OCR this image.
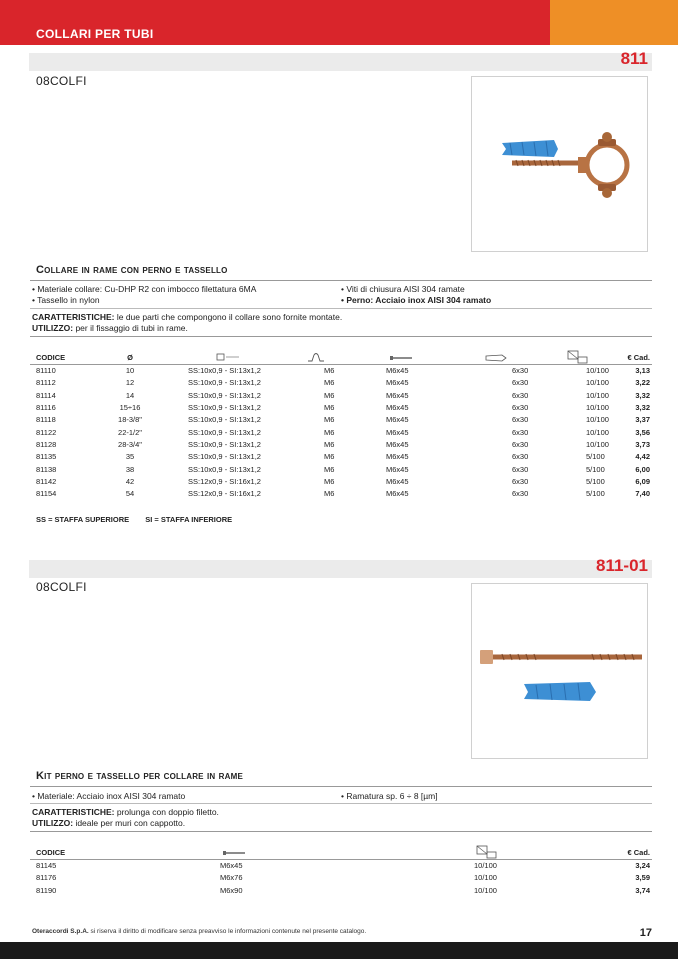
COLLARI PER TUBI
811
08COLFI
Collare in rame con perno e tassello
• Materiale collare: Cu-DHP R2 con imbocco filettatura 6MA
• Tassello in nylon
• Viti di chiusura AISI 304 ramate
• Perno: Acciaio inox AISI 304 ramato
CARATTERISTICHE: le due parti che compongono il collare sono fornite montate.
UTILIZZO: per il fissaggio di tubi in rame.
CODICE	Ø						€ Cad.
81110	10	SS:10x0,9 - SI:13x1,2	M6	M6x45	6x30	10/100	3,13
81112	12	SS:10x0,9 - SI:13x1,2	M6	M6x45	6x30	10/100	3,22
81114	14	SS:10x0,9 - SI:13x1,2	M6	M6x45	6x30	10/100	3,32
81116	15÷16	SS:10x0,9 - SI:13x1,2	M6	M6x45	6x30	10/100	3,32
81118	18-3/8"	SS:10x0,9 - SI:13x1,2	M6	M6x45	6x30	10/100	3,37
81122	22-1/2"	SS:10x0,9 - SI:13x1,2	M6	M6x45	6x30	10/100	3,56
81128	28-3/4"	SS:10x0,9 - SI:13x1,2	M6	M6x45	6x30	10/100	3,73
81135	35	SS:10x0,9 - SI:13x1,2	M6	M6x45	6x30	5/100	4,42
81138	38	SS:10x0,9 - SI:13x1,2	M6	M6x45	6x30	5/100	6,00
81142	42	SS:12x0,9 - SI:16x1,2	M6	M6x45	6x30	5/100	6,09
81154	54	SS:12x0,9 - SI:16x1,2	M6	M6x45	6x30	5/100	7,40
SS = STAFFA SUPERIORE SI = STAFFA INFERIORE
811-01
08COLFI
Kit perno e tassello per collare in rame
• Materiale: Acciaio inox AISI 304 ramato	• Ramatura sp. 6 ÷ 8 [µm]
CARATTERISTICHE: prolunga con doppio filetto.
UTILIZZO: ideale per muri con cappotto.
CODICE			€ Cad.
81145	M6x45	10/100	3,24
81176	M6x76	10/100	3,59
81190	M6x90	10/100	3,74
Oteraccordi S.p.A. si riserva il diritto di modificare senza preavviso le informazioni contenute nel presente catalogo.	17
